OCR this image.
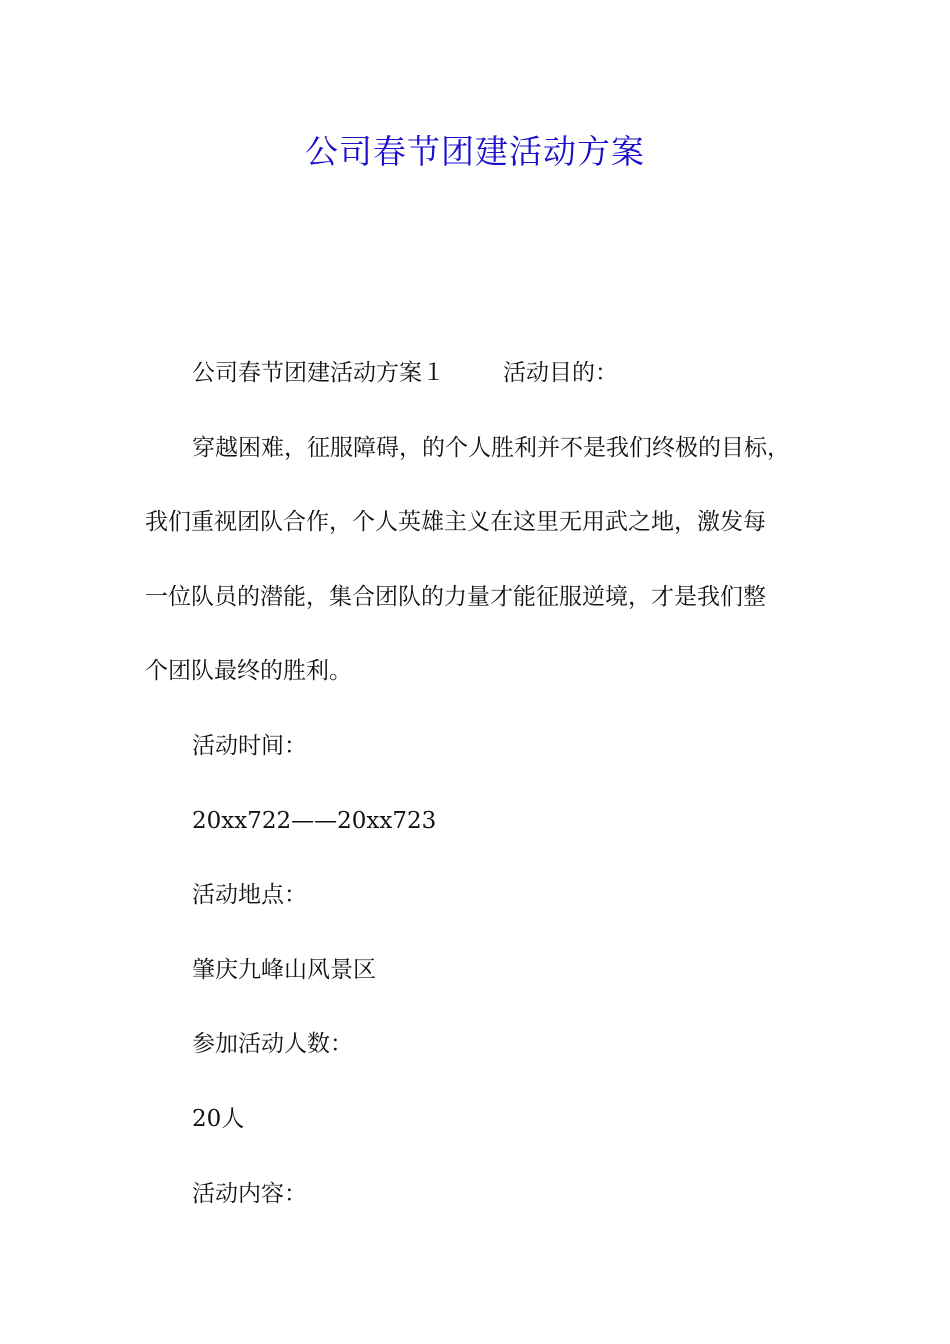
公司春节团建活动方案

公司春节团建活动方案１	活动目的：

穿越困难，征服障碍，的个人胜利并不是我们终极的目标，

我们重视团队合作，个人英雄主义在这里无用武之地，激发每

一位队员的潜能，集合团队的力量才能征服逆境，才是我们整

个团队最终的胜利。

活动时间：

20xx722——20xx723

活动地点：

肇庆九峰山风景区

参加活动人数：

20人

活动内容：
